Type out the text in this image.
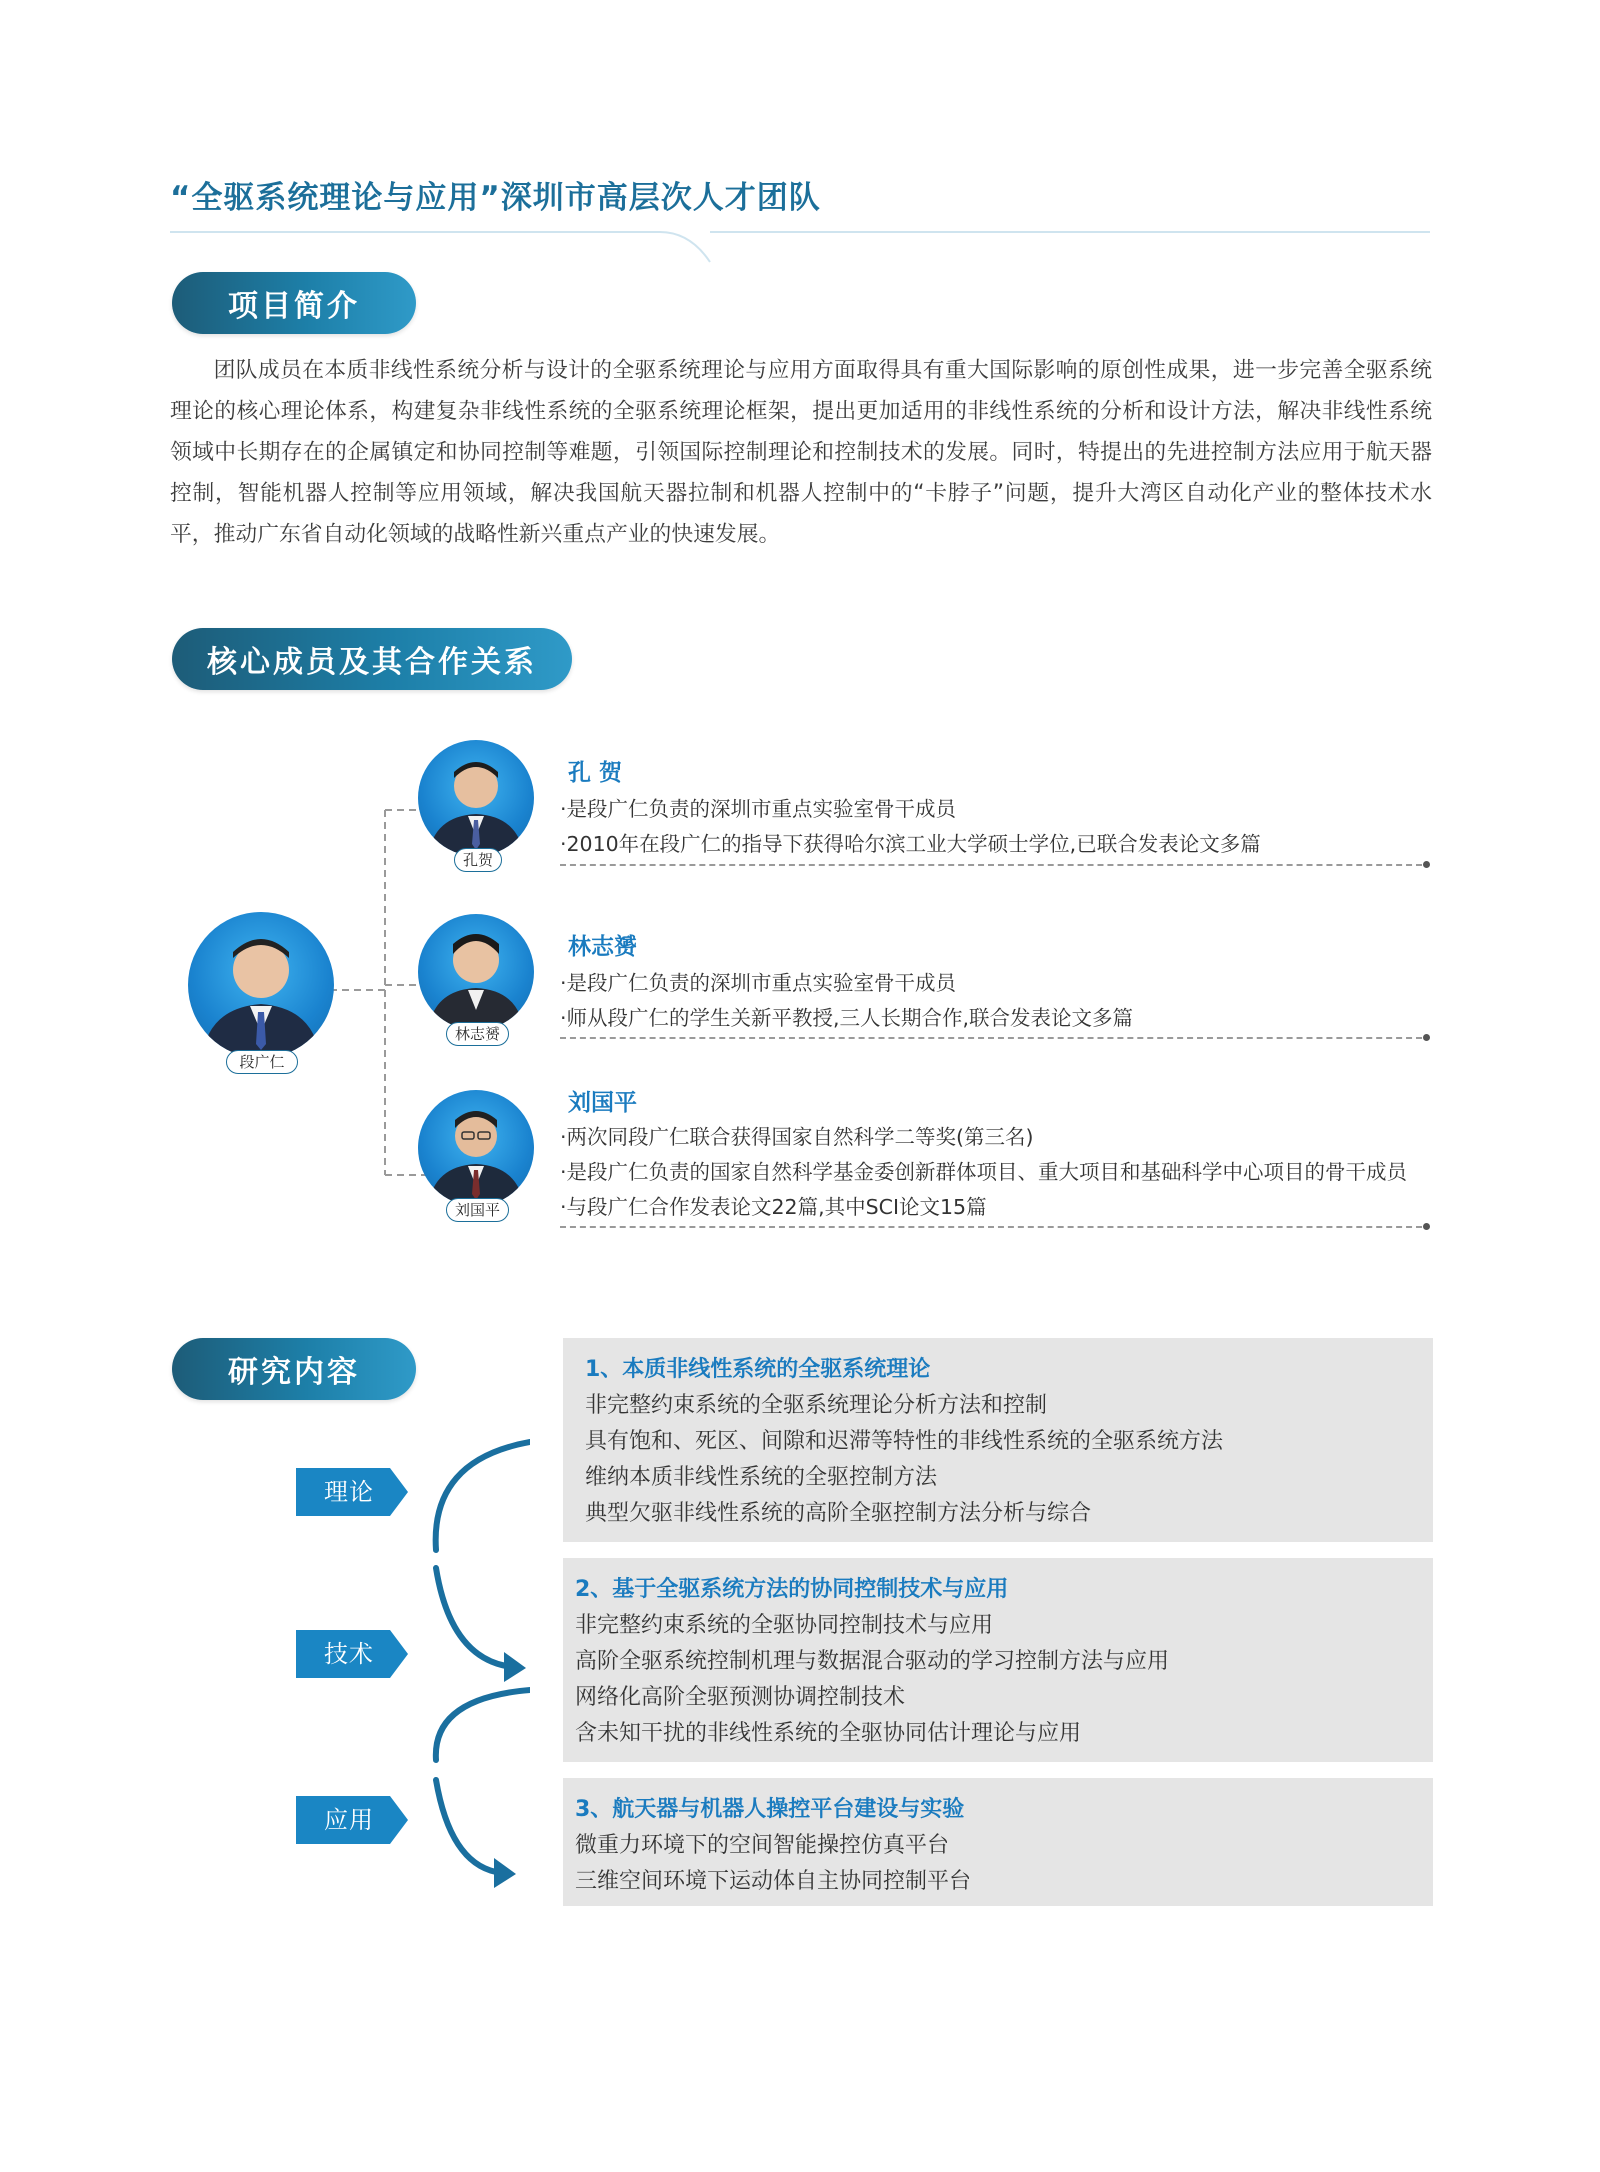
“全驱系统理论与应用”深圳市高层次人才团队
项目简介
团队成员在本质非线性系统分析与设计的全驱系统理论与应用方面取得具有重大国际影响的原创性成果，进一步完善全驱系统理论的核心理论体系，构建复杂非线性系统的全驱系统理论框架，提出更加适用的非线性系统的分析和设计方法，解决非线性系统领域中长期存在的企属镇定和协同控制等难题，引领国际控制理论和控制技术的发展。同时，特提出的先进控制方法应用于航天器控制，智能机器人控制等应用领域，解决我国航天器拉制和机器人控制中的“卡脖子”问题，提升大湾区自动化产业的整体技术水平，推动广东省自动化领域的战略性新兴重点产业的快速发展。
核心成员及其合作关系
段广仁
孔贺
孔 贺
·是段广仁负责的深圳市重点实验室骨干成员
·2010年在段广仁的指导下获得哈尔滨工业大学硕士学位,已联合发表论文多篇
林志赟
林志赟
·是段广仁负责的深圳市重点实验室骨干成员
·师从段广仁的学生关新平教授,三人长期合作,联合发表论文多篇
刘国平
刘国平
·两次同段广仁联合获得国家自然科学二等奖(第三名)
·是段广仁负责的国家自然科学基金委创新群体项目、重大项目和基础科学中心项目的骨干成员
·与段广仁合作发表论文22篇,其中SCI论文15篇
研究内容	1、本质非线性系统的全驱系统理论
非完整约束系统的全驱系统理论分析方法和控制
具有饱和、死区、间隙和迟滞等特性的非线性系统的全驱系统方法
维纳本质非线性系统的全驱控制方法
典型欠驱非线性系统的高阶全驱控制方法分析与综合
2、基于全驱系统方法的协同控制技术与应用
非完整约束系统的全驱协同控制技术与应用
高阶全驱系统控制机理与数据混合驱动的学习控制方法与应用
网络化高阶全驱预测协调控制技术
含未知干扰的非线性系统的全驱协同估计理论与应用
3、航天器与机器人操控平台建设与实验
微重力环境下的空间智能操控仿真平台
三维空间环境下运动体自主协同控制平台
理论
技术
应用
